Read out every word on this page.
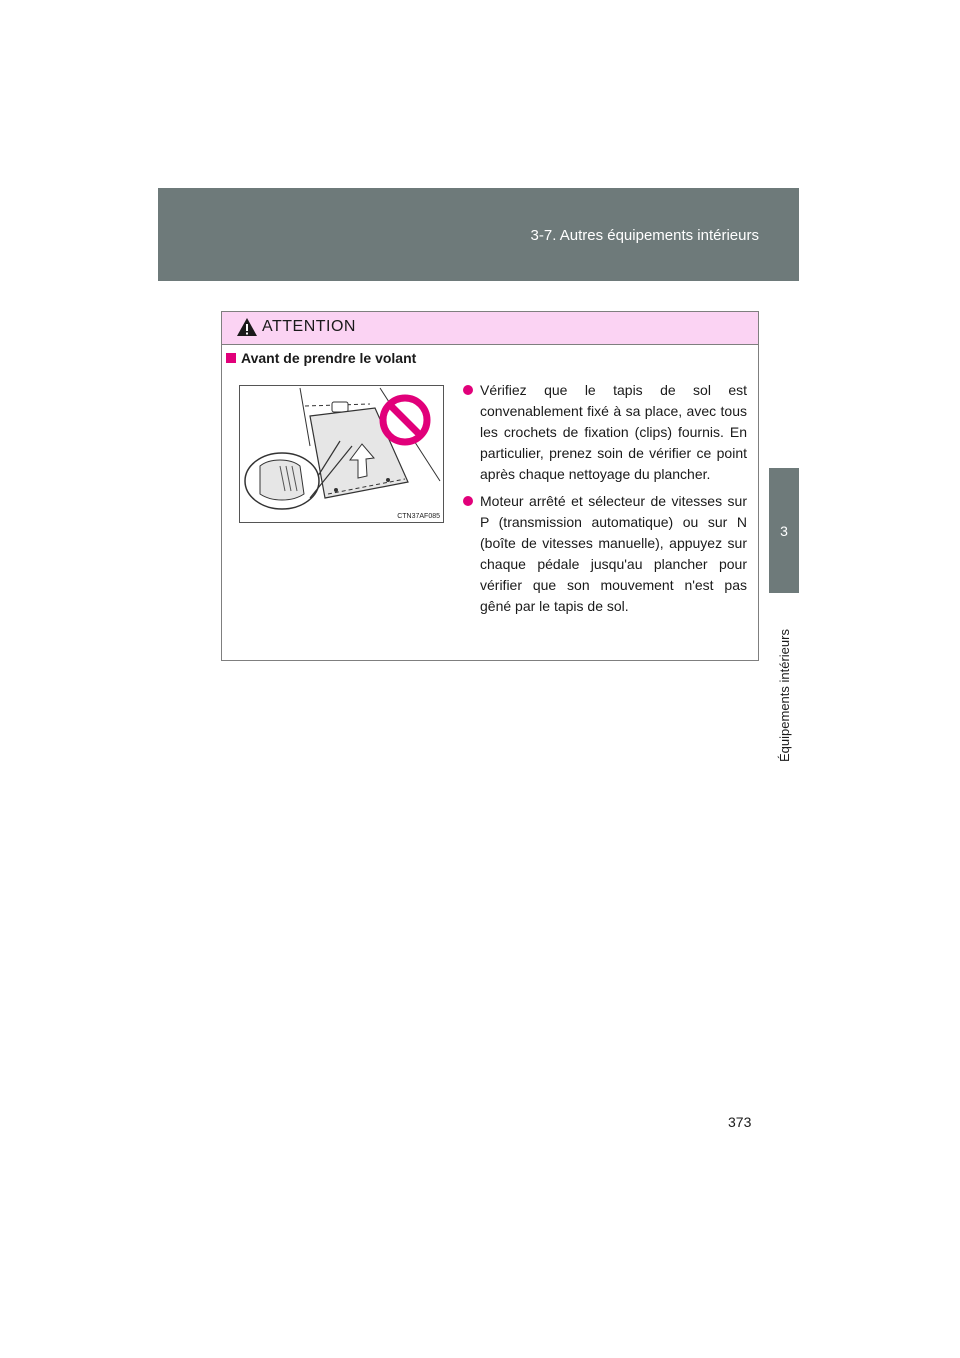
3-7. Autres équipements intérieurs
3
Équipements intérieurs
ATTENTION
Avant de prendre le volant
CTN37AF085
Vérifiez que le tapis de sol est convenablement fixé à sa place, avec tous les crochets de fixation (clips) fournis. En particulier, prenez soin de vérifier ce point après chaque nettoyage du plancher.
Moteur arrêté et sélecteur de vitesses sur P (transmission automatique) ou sur N (boîte de vitesses manuelle), appuyez sur chaque pédale jusqu'au plancher pour vérifier que son mouvement n'est pas gêné par le tapis de sol.
373
